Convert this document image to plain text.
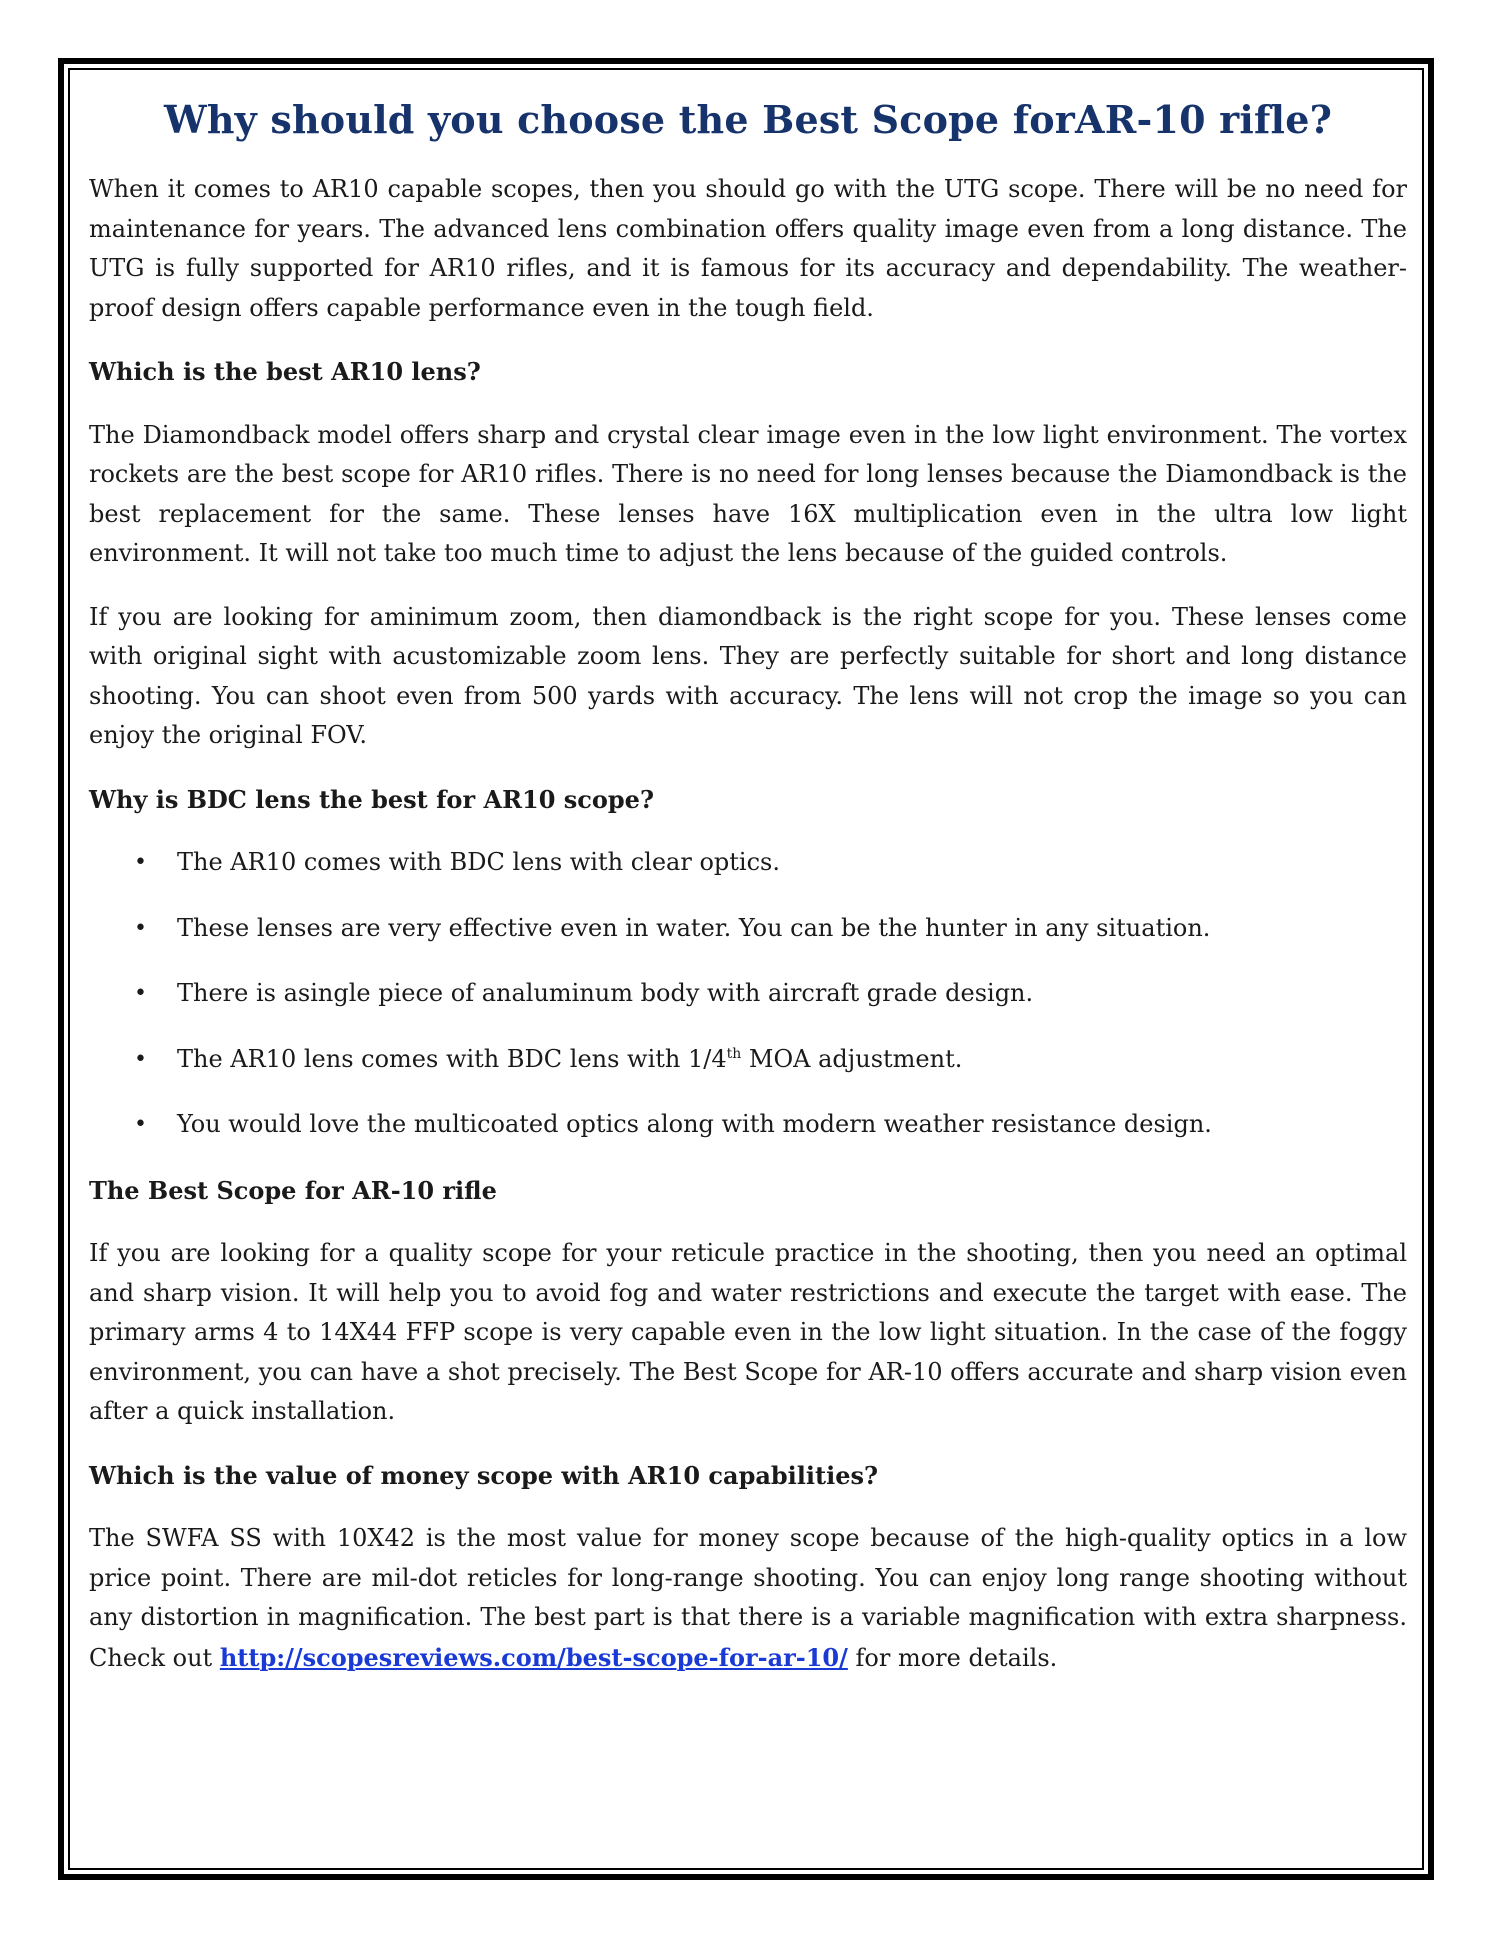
Why should you choose the Best Scope forAR-10 rifle?

When it comes to AR10 capable scopes, then you should go with the UTG scope. There will be no need for maintenance for years. The advanced lens combination offers quality image even from a long distance. The UTG is fully supported for AR10 rifles, and it is famous for its accuracy and dependability. The weather-proof design offers capable performance even in the tough field.

Which is the best AR10 lens?

The Diamondback model offers sharp and crystal clear image even in the low light environment. The vortex rockets are the best scope for AR10 rifles. There is no need for long lenses because the Diamondback is the best replacement for the same. These lenses have 16X multiplication even in the ultra low light environment. It will not take too much time to adjust the lens because of the guided controls.

If you are looking for aminimum zoom, then diamondback is the right scope for you. These lenses come with original sight with acustomizable zoom lens. They are perfectly suitable for short and long distance shooting. You can shoot even from 500 yards with accuracy. The lens will not crop the image so you can enjoy the original FOV.

Why is BDC lens the best for AR10 scope?
• The AR10 comes with BDC lens with clear optics.
• These lenses are very effective even in water. You can be the hunter in any situation.
• There is asingle piece of analuminum body with aircraft grade design.
• The AR10 lens comes with BDC lens with 1/4th MOA adjustment.
• You would love the multicoated optics along with modern weather resistance design.
The Best Scope for AR-10 rifle

If you are looking for a quality scope for your reticule practice in the shooting, then you need an optimal and sharp vision. It will help you to avoid fog and water restrictions and execute the target with ease. The primary arms 4 to 14X44 FFP scope is very capable even in the low light situation. In the case of the foggy environment, you can have a shot precisely. The Best Scope for AR-10 offers accurate and sharp vision even after a quick installation.

Which is the value of money scope with AR10 capabilities?

The SWFA SS with 10X42 is the most value for money scope because of the high-quality optics in a low price point. There are mil-dot reticles for long-range shooting. You can enjoy long range shooting without any distortion in magnification. The best part is that there is a variable magnification with extra sharpness. Check out http://scopesreviews.com/best-scope-for-ar-10/ for more details.
